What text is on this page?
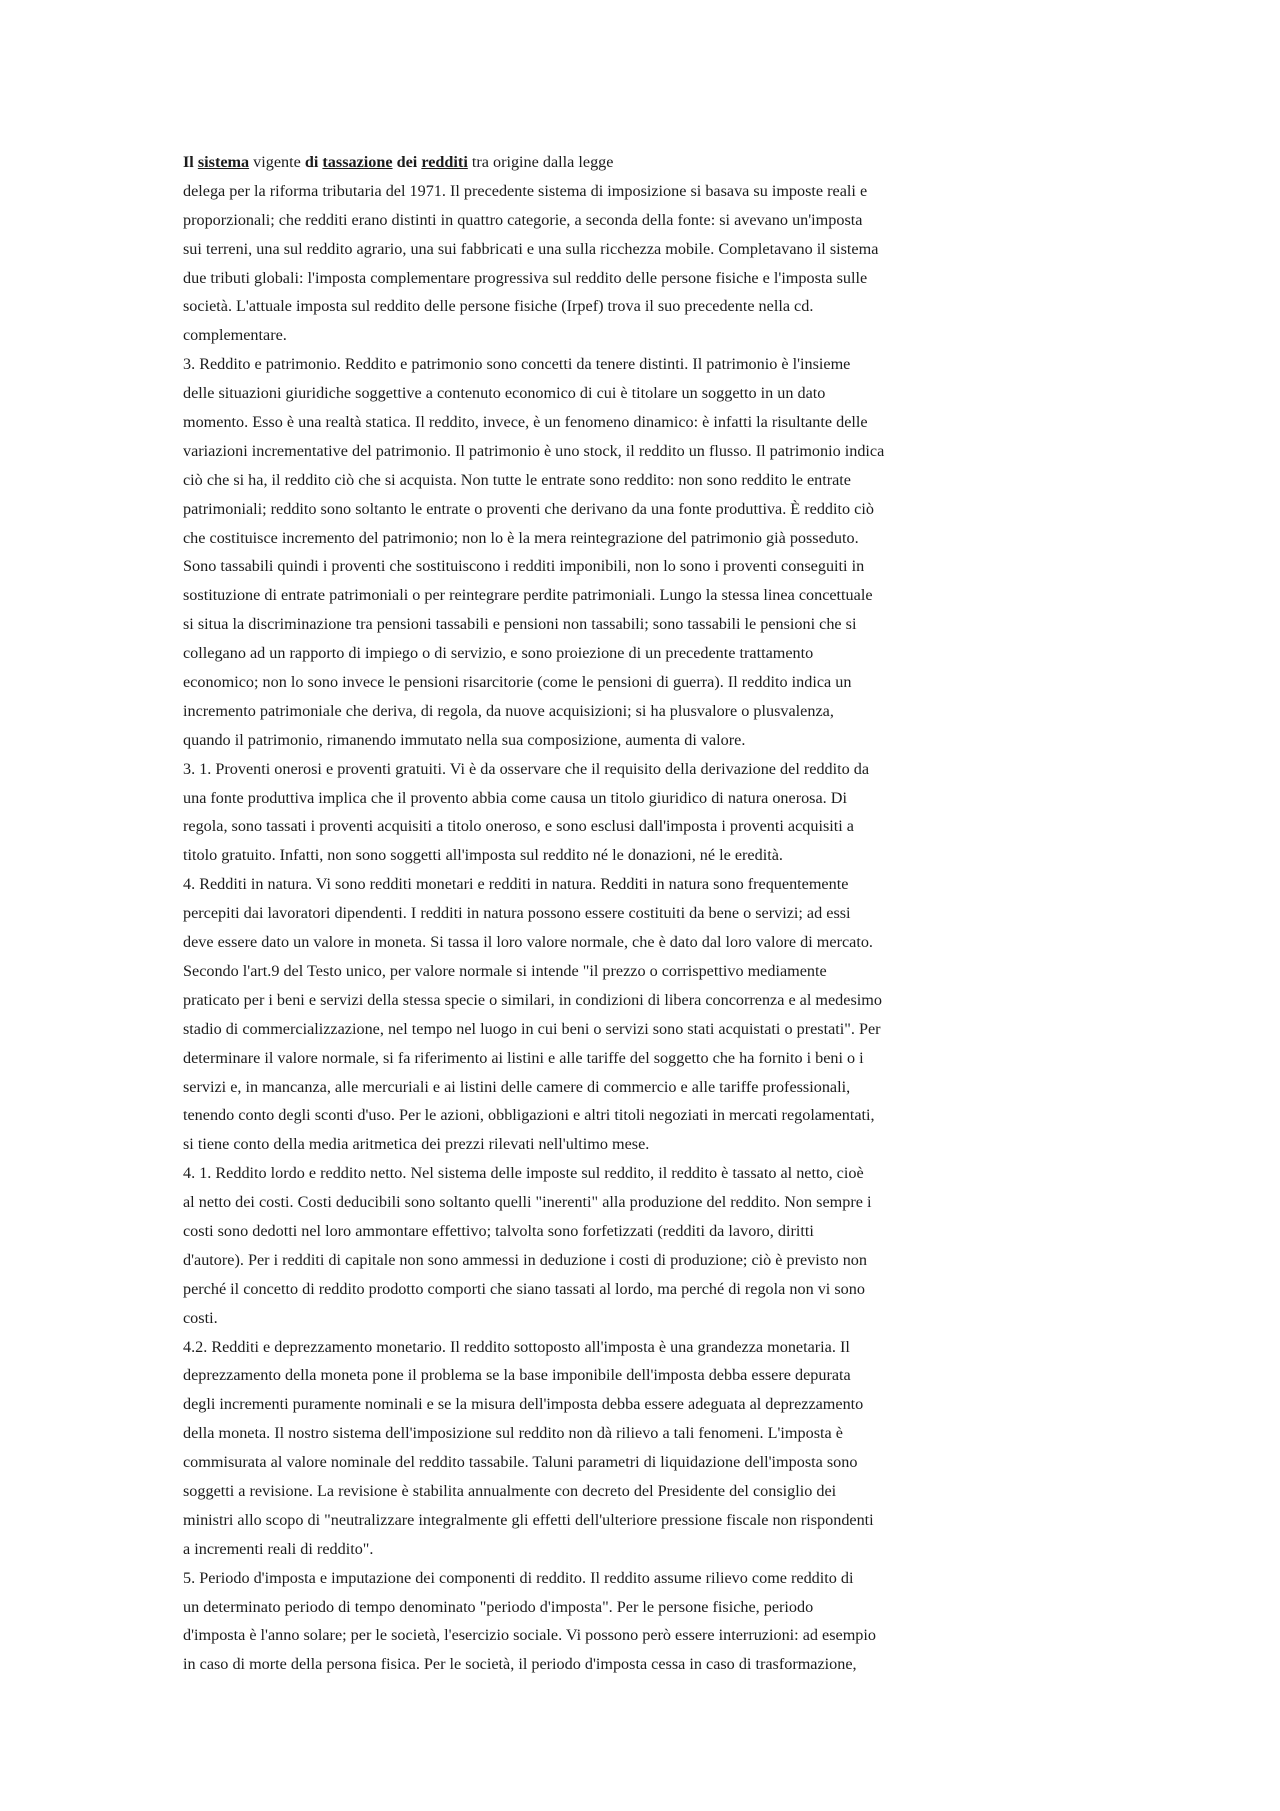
Il sistema vigente di tassazione dei redditi tra origine dalla legge
delega per la riforma tributaria del 1971. Il precedente sistema di imposizione si basava su imposte reali e
proporzionali; che redditi erano distinti in quattro categorie, a seconda della fonte: si avevano un'imposta
sui terreni, una sul reddito agrario, una sui fabbricati e una sulla ricchezza mobile. Completavano il sistema
due tributi globali: l'imposta complementare progressiva sul reddito delle persone fisiche e l'imposta sulle
società. L'attuale imposta sul reddito delle persone fisiche (Irpef) trova il suo precedente nella cd.
complementare.
3. Reddito e patrimonio. Reddito e patrimonio sono concetti da tenere distinti. Il patrimonio è l'insieme
delle situazioni giuridiche soggettive a contenuto economico di cui è titolare un soggetto in un dato
momento. Esso è una realtà statica. Il reddito, invece, è un fenomeno dinamico: è infatti la risultante delle
variazioni incrementative del patrimonio. Il patrimonio è uno stock, il reddito un flusso. Il patrimonio indica
ciò che si ha, il reddito ciò che si acquista. Non tutte le entrate sono reddito: non sono reddito le entrate
patrimoniali; reddito sono soltanto le entrate o proventi che derivano da una fonte produttiva. È reddito ciò
che costituisce incremento del patrimonio; non lo è la mera reintegrazione del patrimonio già posseduto.
Sono tassabili quindi i proventi che sostituiscono i redditi imponibili, non lo sono i proventi conseguiti in
sostituzione di entrate patrimoniali o per reintegrare perdite patrimoniali. Lungo la stessa linea concettuale
si situa la discriminazione tra pensioni tassabili e pensioni non tassabili; sono tassabili le pensioni che si
collegano ad un rapporto di impiego o di servizio, e sono proiezione di un precedente trattamento
economico; non lo sono invece le pensioni risarcitorie (come le pensioni di guerra). Il reddito indica un
incremento patrimoniale che deriva, di regola, da nuove acquisizioni; si ha plusvalore o plusvalenza,
quando il patrimonio, rimanendo immutato nella sua composizione, aumenta di valore.
3. 1. Proventi onerosi e proventi gratuiti. Vi è da osservare che il requisito della derivazione del reddito da
una fonte produttiva implica che il provento abbia come causa un titolo giuridico di natura onerosa. Di
regola, sono tassati i proventi acquisiti a titolo oneroso, e sono esclusi dall'imposta i proventi acquisiti a
titolo gratuito. Infatti, non sono soggetti all'imposta sul reddito né le donazioni, né le eredità.
4. Redditi in natura. Vi sono redditi monetari e redditi in natura. Redditi in natura sono frequentemente
percepiti dai lavoratori dipendenti. I redditi in natura possono essere costituiti da bene o servizi; ad essi
deve essere dato un valore in moneta. Si tassa il loro valore normale, che è dato dal loro valore di mercato.
Secondo l'art.9 del Testo unico, per valore normale si intende "il prezzo o corrispettivo mediamente
praticato per i beni e servizi della stessa specie o similari, in condizioni di libera concorrenza e al medesimo
stadio di commercializzazione, nel tempo nel luogo in cui beni o servizi sono stati acquistati o prestati". Per
determinare il valore normale, si fa riferimento ai listini e alle tariffe del soggetto che ha fornito i beni o i
servizi e, in mancanza, alle mercuriali e ai listini delle camere di commercio e alle tariffe professionali,
tenendo conto degli sconti d'uso. Per le azioni, obbligazioni e altri titoli negoziati in mercati regolamentati,
si tiene conto della media aritmetica dei prezzi rilevati nell'ultimo mese.
4. 1. Reddito lordo e reddito netto. Nel sistema delle imposte sul reddito, il reddito è tassato al netto, cioè
al netto dei costi. Costi deducibili sono soltanto quelli "inerenti" alla produzione del reddito. Non sempre i
costi sono dedotti nel loro ammontare effettivo; talvolta sono forfetizzati (redditi da lavoro, diritti
d'autore). Per i redditi di capitale non sono ammessi in deduzione i costi di produzione; ciò è previsto non
perché il concetto di reddito prodotto comporti che siano tassati al lordo, ma perché di regola non vi sono
costi.
4.2. Redditi e deprezzamento monetario. Il reddito sottoposto all'imposta è una grandezza monetaria. Il
deprezzamento della moneta pone il problema se la base imponibile dell'imposta debba essere depurata
degli incrementi puramente nominali e se la misura dell'imposta debba essere adeguata al deprezzamento
della moneta. Il nostro sistema dell'imposizione sul reddito non dà rilievo a tali fenomeni. L'imposta è
commisurata al valore nominale del reddito tassabile. Taluni parametri di liquidazione dell'imposta sono
soggetti a revisione. La revisione è stabilita annualmente con decreto del Presidente del consiglio dei
ministri allo scopo di "neutralizzare integralmente gli effetti dell'ulteriore pressione fiscale non rispondenti
a incrementi reali di reddito".
5. Periodo d'imposta e imputazione dei componenti di reddito. Il reddito assume rilievo come reddito di
un determinato periodo di tempo denominato "periodo d'imposta". Per le persone fisiche, periodo
d'imposta è l'anno solare; per le società, l'esercizio sociale. Vi possono però essere interruzioni: ad esempio
in caso di morte della persona fisica. Per le società, il periodo d'imposta cessa in caso di trasformazione,
